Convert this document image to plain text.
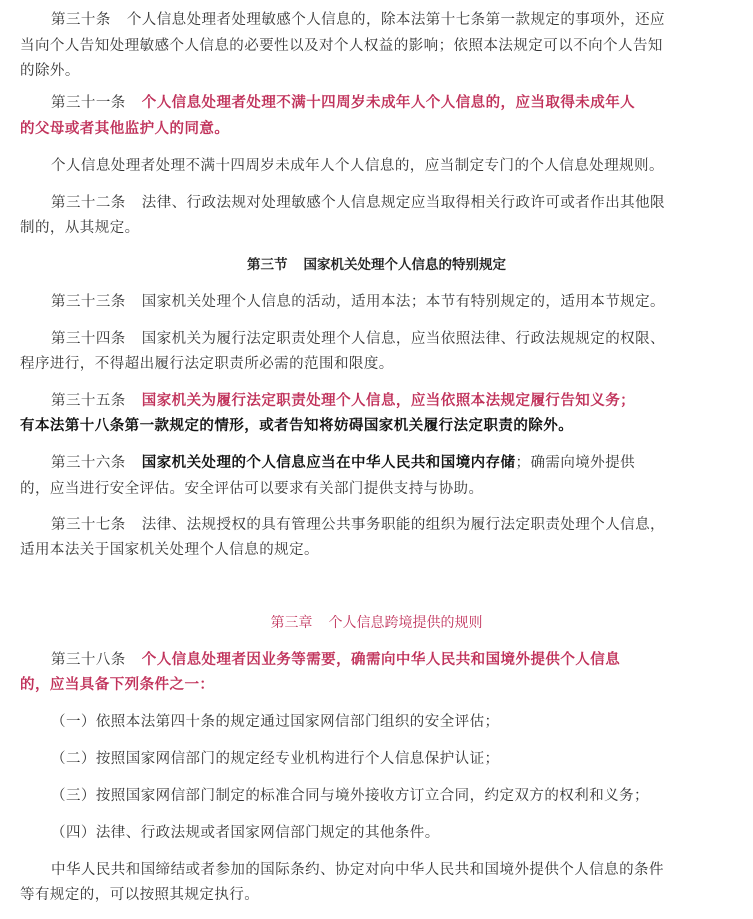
第三十条 个人信息处理者处理敏感个人信息的，除本法第十七条第一款规定的事项外，还应
当向个人告知处理敏感个人信息的必要性以及对个人权益的影响；依照本法规定可以不向个人告知
的除外。
第三十一条 个人信息处理者处理不满十四周岁未成年人个人信息的，应当取得未成年人
的父母或者其他监护人的同意。
个人信息处理者处理不满十四周岁未成年人个人信息的，应当制定专门的个人信息处理规则。
第三十二条 法律、行政法规对处理敏感个人信息规定应当取得相关行政许可或者作出其他限
制的，从其规定。
第三节 国家机关处理个人信息的特别规定
第三十三条 国家机关处理个人信息的活动，适用本法；本节有特别规定的，适用本节规定。
第三十四条 国家机关为履行法定职责处理个人信息，应当依照法律、行政法规规定的权限、
程序进行，不得超出履行法定职责所必需的范围和限度。
第三十五条 国家机关为履行法定职责处理个人信息，应当依照本法规定履行告知义务；
有本法第十八条第一款规定的情形，或者告知将妨碍国家机关履行法定职责的除外。
第三十六条 国家机关处理的个人信息应当在中华人民共和国境内存储；确需向境外提供
的，应当进行安全评估。安全评估可以要求有关部门提供支持与协助。
第三十七条 法律、法规授权的具有管理公共事务职能的组织为履行法定职责处理个人信息，
适用本法关于国家机关处理个人信息的规定。
第三章 个人信息跨境提供的规则
第三十八条 个人信息处理者因业务等需要，确需向中华人民共和国境外提供个人信息
的，应当具备下列条件之一：
（一）依照本法第四十条的规定通过国家网信部门组织的安全评估；
（二）按照国家网信部门的规定经专业机构进行个人信息保护认证；
（三）按照国家网信部门制定的标准合同与境外接收方订立合同，约定双方的权利和义务；
（四）法律、行政法规或者国家网信部门规定的其他条件。
中华人民共和国缔结或者参加的国际条约、协定对向中华人民共和国境外提供个人信息的条件
等有规定的，可以按照其规定执行。
